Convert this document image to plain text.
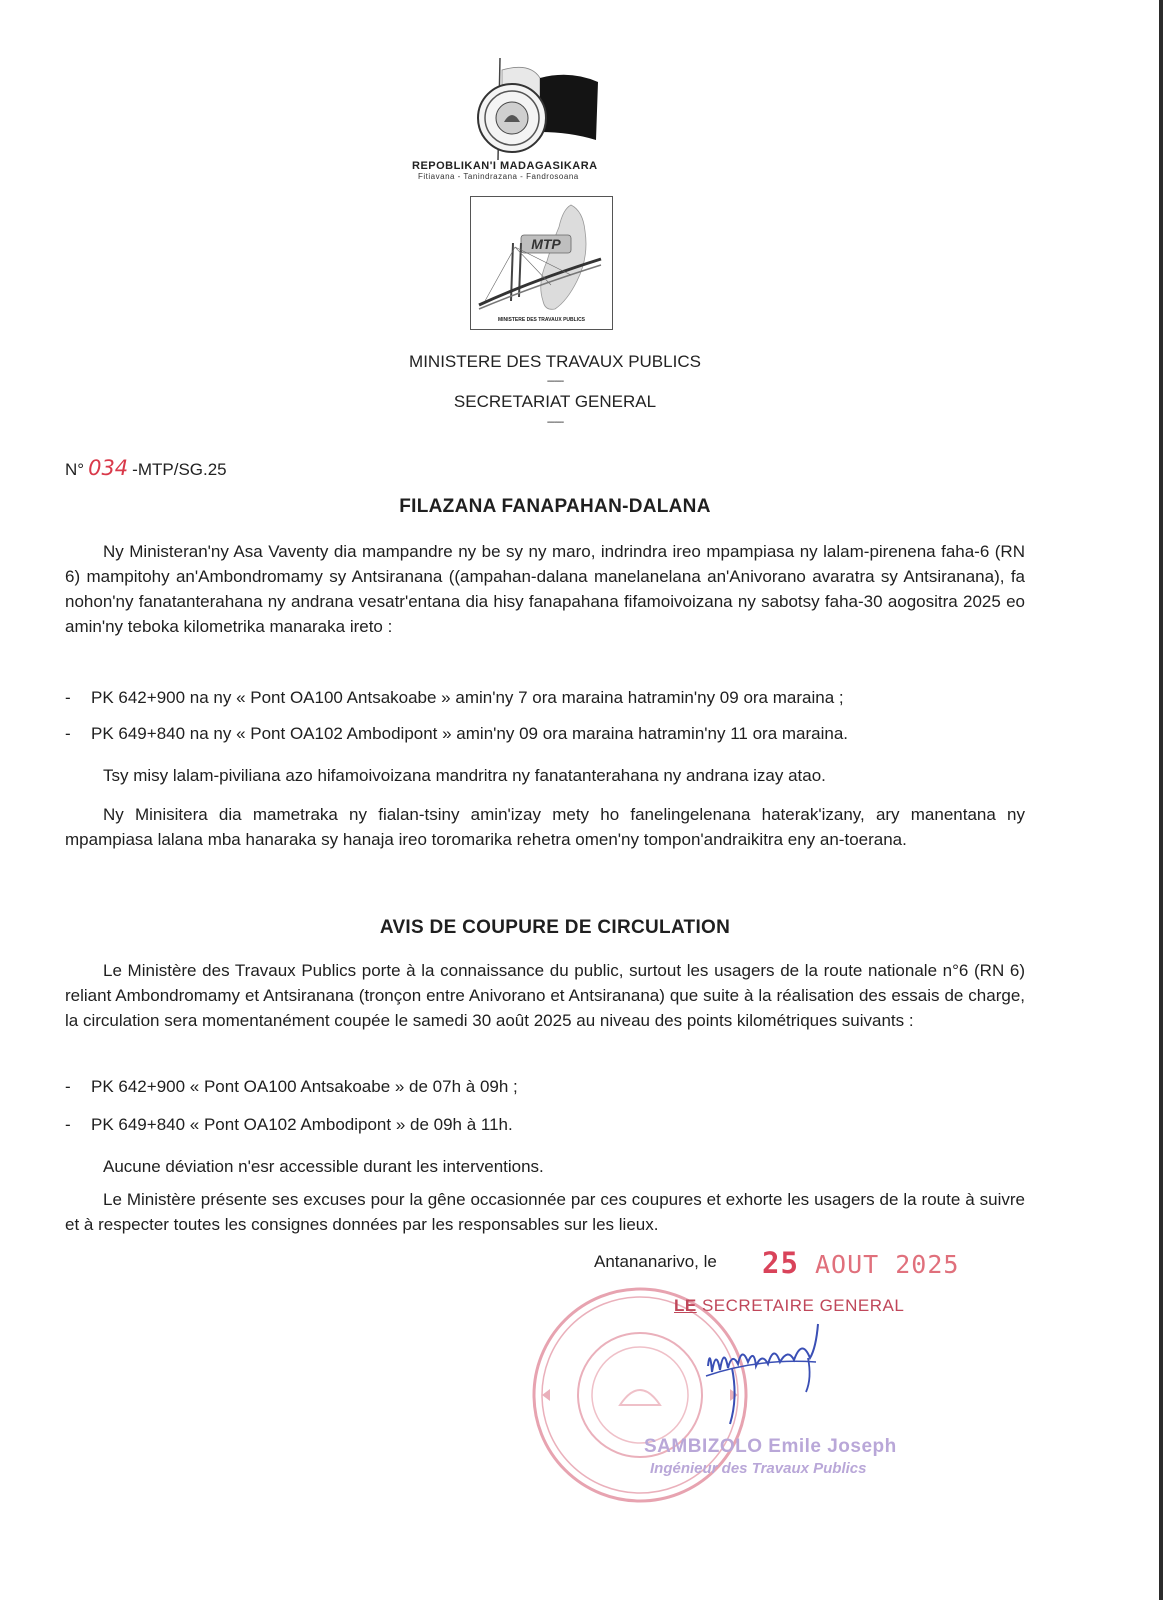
REPOBLIKAN'I MADAGASIKARA
Fitiavana - Tanindrazana - Fandrosoana
MTP
MINISTERE DES TRAVAUX PUBLICS
MINISTERE DES TRAVAUX PUBLICS
-------
SECRETARIAT GENERAL
-------
N° 034 -MTP/SG.25
FILAZANA FANAPAHAN-DALANA
Ny Ministeran'ny Asa Vaventy dia mampandre ny be sy ny maro, indrindra ireo mpampiasa ny lalam-pirenena faha-6 (RN 6) mampitohy an'Ambondromamy sy Antsiranana ((ampahan-dalana manelanelana an'Anivorano avaratra sy Antsiranana), fa nohon'ny fanatanterahana ny andrana vesatr'entana dia hisy fanapahana fifamoivoizana ny sabotsy faha-30 aogositra 2025 eo amin'ny teboka kilometrika manaraka ireto :
- PK 642+900 na ny « Pont OA100 Antsakoabe » amin'ny 7 ora maraina hatramin'ny 09 ora maraina ;
- PK 649+840 na ny « Pont OA102 Ambodipont » amin'ny 09 ora maraina hatramin'ny 11 ora maraina.
Tsy misy lalam-piviliana azo hifamoivoizana mandritra ny fanatanterahana ny andrana izay atao.
Ny Minisitera dia mametraka ny fialan-tsiny amin'izay mety ho fanelingelenana haterak'izany, ary manentana ny mpampiasa lalana mba hanaraka sy hanaja ireo toromarika rehetra omen'ny tompon'andraikitra eny an-toerana.
AVIS DE COUPURE DE CIRCULATION
Le Ministère des Travaux Publics porte à la connaissance du public, surtout les usagers de la route nationale n°6 (RN 6) reliant Ambondromamy et Antsiranana (tronçon entre Anivorano et Antsiranana) que suite à la réalisation des essais de charge, la circulation sera momentanément coupée le samedi 30 août 2025 au niveau des points kilométriques suivants :
- PK 642+900 « Pont OA100 Antsakoabe » de 07h à 09h ;
- PK 649+840 « Pont OA102 Ambodipont » de 09h à 11h.
Aucune déviation n'esr accessible durant les interventions.
Le Ministère présente ses excuses pour la gêne occasionnée par ces coupures et exhorte les usagers de la route à suivre et à respecter toutes les consignes données par les responsables sur les lieux.
Antananarivo, le 25 AOUT 2025
LE SECRETAIRE GENERAL
SAMBIZOLO Emile Joseph
Ingénieur des Travaux Publics
